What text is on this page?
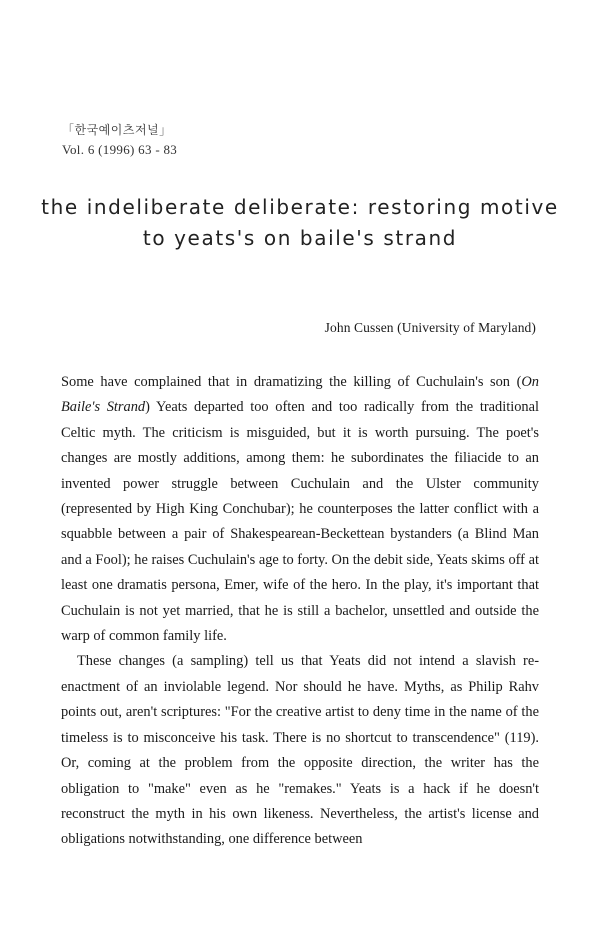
「한국예이츠저널」
Vol. 6 (1996) 63 - 83
the indeliberate deliberate: restoring motive
to yeats's on baile's strand
John Cussen (University of Maryland)

Some have complained that in dramatizing the killing of Cuchulain's son (On Baile's Strand) Yeats departed too often and too radically from the traditional Celtic myth. The criticism is misguided, but it is worth pursuing. The poet's changes are mostly additions, among them: he subordinates the filiacide to an invented power struggle between Cuchulain and the Ulster community (represented by High King Conchubar); he counterposes the latter conflict with a squabble between a pair of Shakespearean-Beckettean bystanders (a Blind Man and a Fool); he raises Cuchulain's age to forty. On the debit side, Yeats skims off at least one dramatis persona, Emer, wife of the hero. In the play, it's important that Cuchulain is not yet married, that he is still a bachelor, unsettled and outside the warp of common family life.

These changes (a sampling) tell us that Yeats did not intend a slavish re-enactment of an inviolable legend. Nor should he have. Myths, as Philip Rahv points out, aren't scriptures: "For the creative artist to deny time in the name of the timeless is to misconceive his task. There is no shortcut to transcendence" (119). Or, coming at the problem from the opposite direction, the writer has the obligation to "make" even as he "remakes." Yeats is a hack if he doesn't reconstruct the myth in his own likeness. Nevertheless, the artist's license and obligations notwithstanding, one difference between
